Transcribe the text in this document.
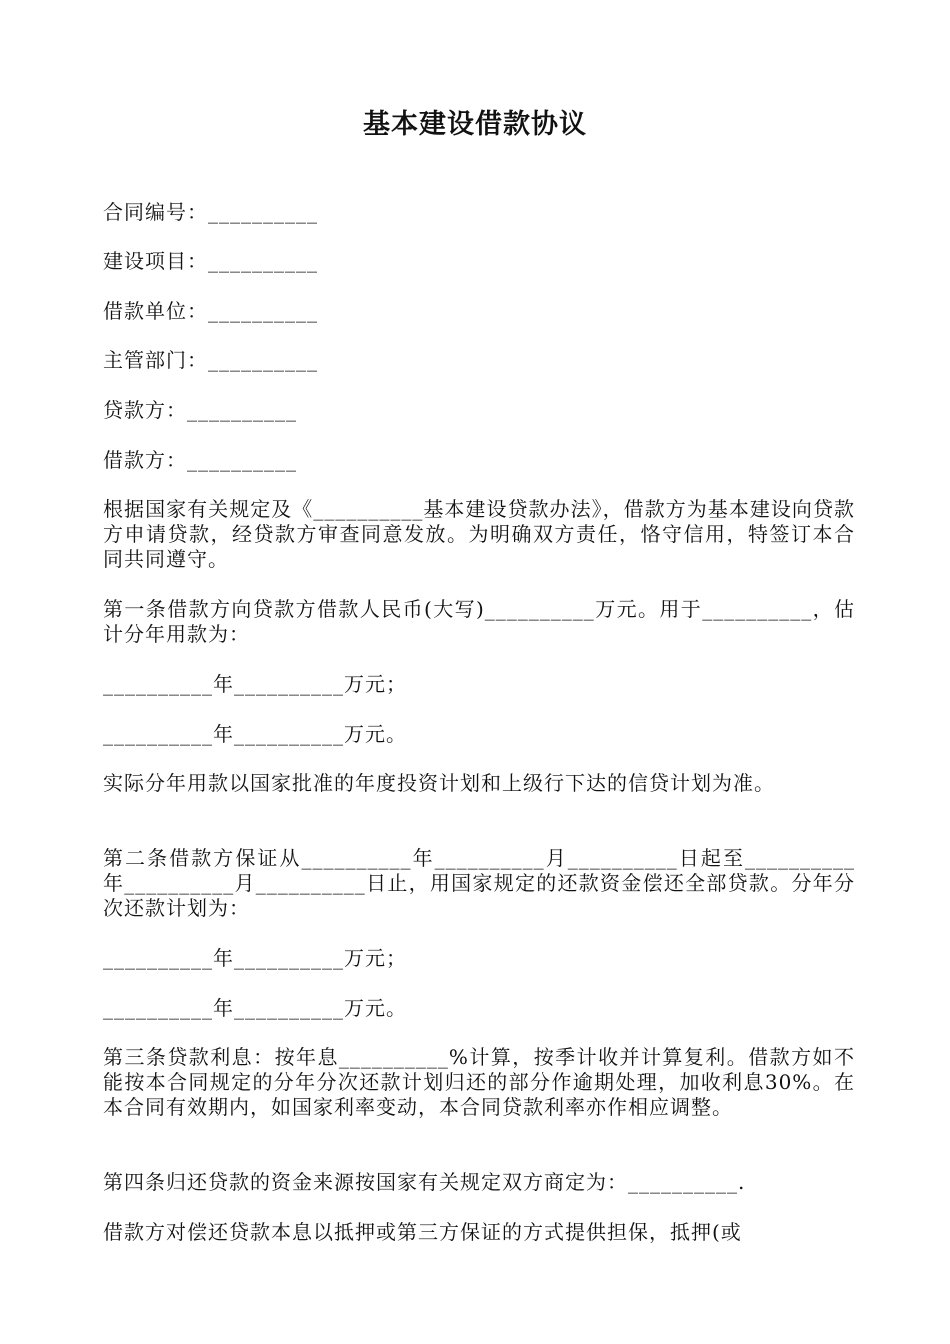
基本建设借款协议
合同编号：__________
建设项目：__________
借款单位：__________
主管部门：__________
贷款方：__________
借款方：__________
根据国家有关规定及《__________基本建设贷款办法》，借款方为基本建设向贷款方申请贷款，经贷款方审查同意发放。为明确双方责任，恪守信用，特签订本合同共同遵守。
第一条借款方向贷款方借款人民币(大写)__________万元。用于__________，估计分年用款为：
__________年__________万元；
__________年__________万元。
实际分年用款以国家批准的年度投资计划和上级行下达的信贷计划为准。
第二条借款方保证从__________年__________月__________日起至__________年__________月__________日止，用国家规定的还款资金偿还全部贷款。分年分次还款计划为：
__________年__________万元；
__________年__________万元。
第三条贷款利息：按年息__________%计算，按季计收并计算复利。借款方如不能按本合同规定的分年分次还款计划归还的部分作逾期处理，加收利息30%。在本合同有效期内，如国家利率变动，本合同贷款利率亦作相应调整。
第四条归还贷款的资金来源按国家有关规定双方商定为：__________.
借款方对偿还贷款本息以抵押或第三方保证的方式提供担保，抵押(或
